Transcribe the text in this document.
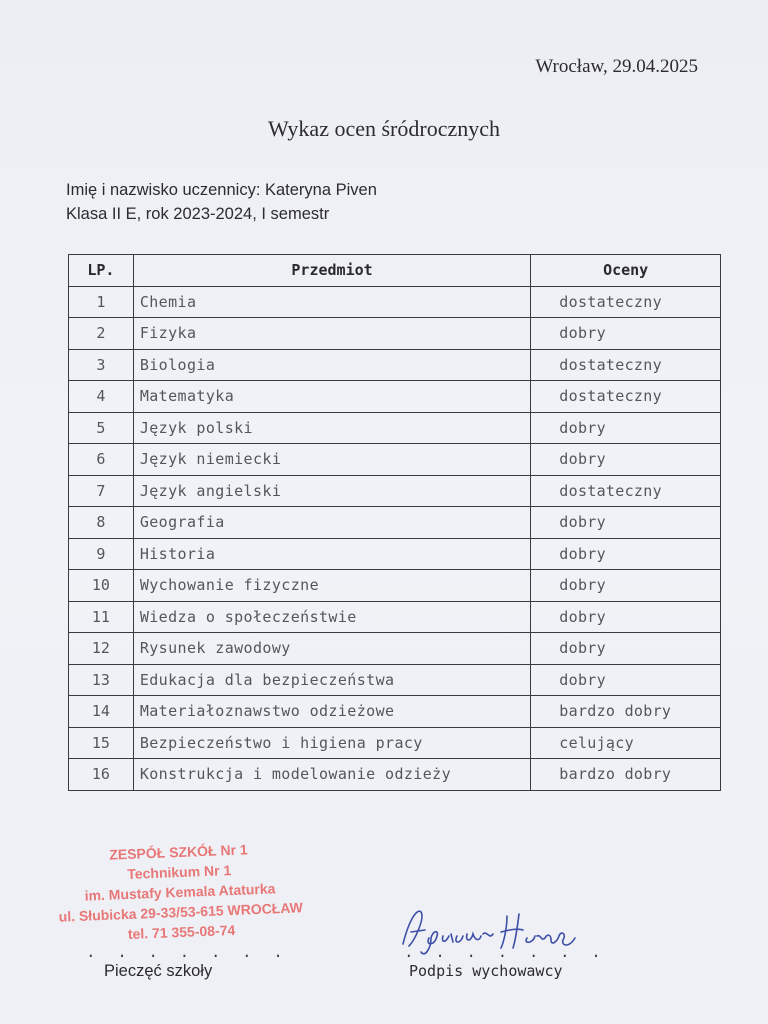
Wrocław, 29.04.2025
Wykaz ocen śródrocznych
Imię i nazwisko uczennicy: Kateryna Piven
Klasa II E, rok 2023-2024, I semestr
LP.	Przedmiot	Oceny
1	Chemia	dostateczny
2	Fizyka	dobry
3	Biologia	dostateczny
4	Matematyka	dostateczny
5	Język polski	dobry
6	Język niemiecki	dobry
7	Język angielski	dostateczny
8	Geografia	dobry
9	Historia	dobry
10	Wychowanie fizyczne	dobry
11	Wiedza o społeczeństwie	dobry
12	Rysunek zawodowy	dobry
13	Edukacja dla bezpieczeństwa	dobry
14	Materiałoznawstwo odzieżowe	bardzo dobry
15	Bezpieczeństwo i higiena pracy	celujący
16	Konstrukcja i modelowanie odzieży	bardzo dobry
ZESPÓŁ SZKÓŁ Nr 1
Technikum Nr 1
im. Mustafy Kemala Ataturka
ul. Słubicka 29-33/53-615 WROCŁAW
tel. 71 355-08-74
. . . . . . .	. . . . . . .
Pieczęć szkoły	Podpis wychowawcy
